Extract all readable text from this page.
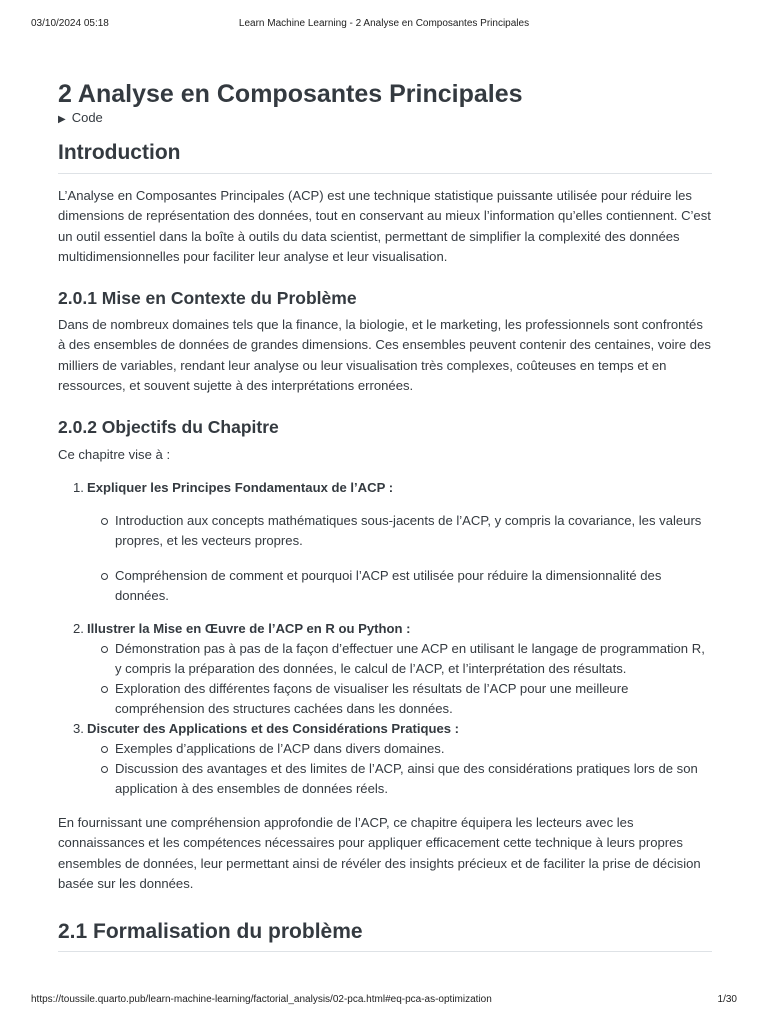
03/10/2024 05:18	Learn Machine Learning - 2 Analyse en Composantes Principales
2 Analyse en Composantes Principales
▶ Code
Introduction

L’Analyse en Composantes Principales (ACP) est une technique statistique puissante utilisée pour réduire les dimensions de représentation des données, tout en conservant au mieux l’information qu’elles contiennent. C’est un outil essentiel dans la boîte à outils du data scientist, permettant de simplifier la complexité des données multidimensionnelles pour faciliter leur analyse et leur visualisation.

2.0.1 Mise en Contexte du Problème

Dans de nombreux domaines tels que la finance, la biologie, et le marketing, les professionnels sont confrontés à des ensembles de données de grandes dimensions. Ces ensembles peuvent contenir des centaines, voire des milliers de variables, rendant leur analyse ou leur visualisation très complexes, coûteuses en temps et en ressources, et souvent sujette à des interprétations erronées.

2.0.2 Objectifs du Chapitre

Ce chapitre vise à :

1. Expliquer les Principes Fondamentaux de l’ACP :
Introduction aux concepts mathématiques sous-jacents de l’ACP, y compris la covariance, les valeurs propres, et les vecteurs propres.
Compréhension de comment et pourquoi l’ACP est utilisée pour réduire la dimensionnalité des données.
2. Illustrer la Mise en Œuvre de l’ACP en R ou Python :
Démonstration pas à pas de la façon d’effectuer une ACP en utilisant le langage de programmation R, y compris la préparation des données, le calcul de l’ACP, et l’interprétation des résultats.
Exploration des différentes façons de visualiser les résultats de l’ACP pour une meilleure compréhension des structures cachées dans les données.
3. Discuter des Applications et des Considérations Pratiques :
Exemples d’applications de l’ACP dans divers domaines.
Discussion des avantages et des limites de l’ACP, ainsi que des considérations pratiques lors de son application à des ensembles de données réels.

En fournissant une compréhension approfondie de l’ACP, ce chapitre équipera les lecteurs avec les connaissances et les compétences nécessaires pour appliquer efficacement cette technique à leurs propres ensembles de données, leur permettant ainsi de révéler des insights précieux et de faciliter la prise de décision basée sur les données.

2.1 Formalisation du problème
https://toussile.quarto.pub/learn-machine-learning/factorial_analysis/02-pca.html#eq-pca-as-optimization	1/30
